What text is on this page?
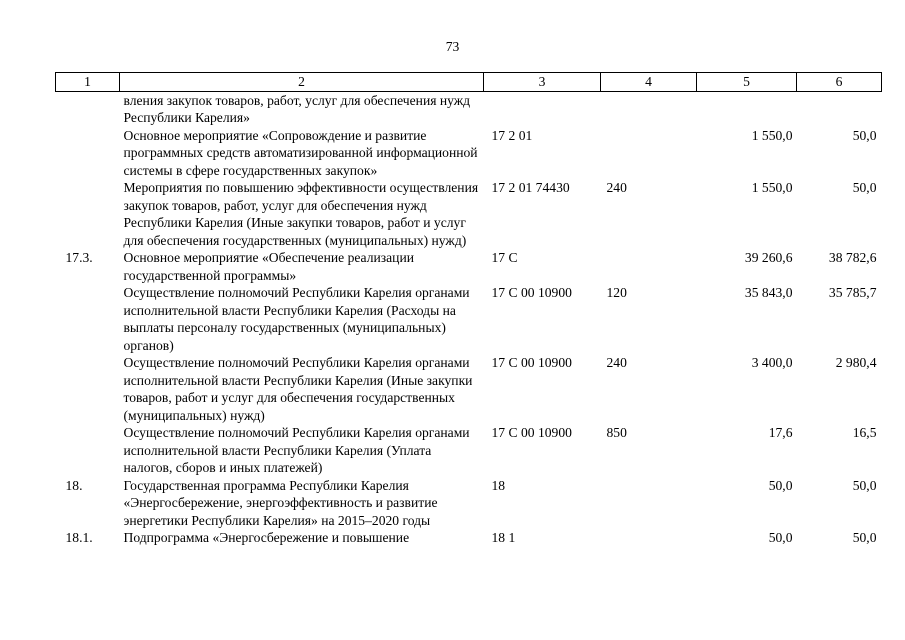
73
1	2	3	4	5	6
	вления закупок товаров, работ, услуг для обеспечения нужд Республики Карелия»				
	Основное мероприятие «Сопровождение и развитие программных средств автоматизированной информационной системы в сфере государственных закупок»	17 2 01		1 550,0	50,0
	Мероприятия по повышению эффективности осуществления закупок товаров, работ, услуг для обеспечения нужд Республики Карелия (Иные закупки товаров, работ и услуг для обеспечения государственных (муниципальных) нужд)	17 2 01 74430	240	1 550,0	50,0
17.3.	Основное мероприятие «Обеспечение реализации государственной программы»	17 С		39 260,6	38 782,6
	Осуществление полномочий Республики Карелия органами исполнительной власти Республики Карелия (Расходы на выплаты персоналу государственных (муниципальных) органов)	17 С 00 10900	120	35 843,0	35 785,7
	Осуществление полномочий Республики Карелия органами исполнительной власти Республики Карелия (Иные закупки товаров, работ и услуг для обеспечения государственных (муниципальных) нужд)	17 С 00 10900	240	3 400,0	2 980,4
	Осуществление полномочий Республики Карелия органами исполнительной власти Республики Карелия (Уплата налогов, сборов и иных платежей)	17 С 00 10900	850	17,6	16,5
18.	Государственная программа Республики Карелия «Энергосбережение, энергоэффективность и развитие энергетики Республики Карелия» на 2015–2020 годы	18		50,0	50,0
18.1.	Подпрограмма «Энергосбережение и повышение	18 1		50,0	50,0
